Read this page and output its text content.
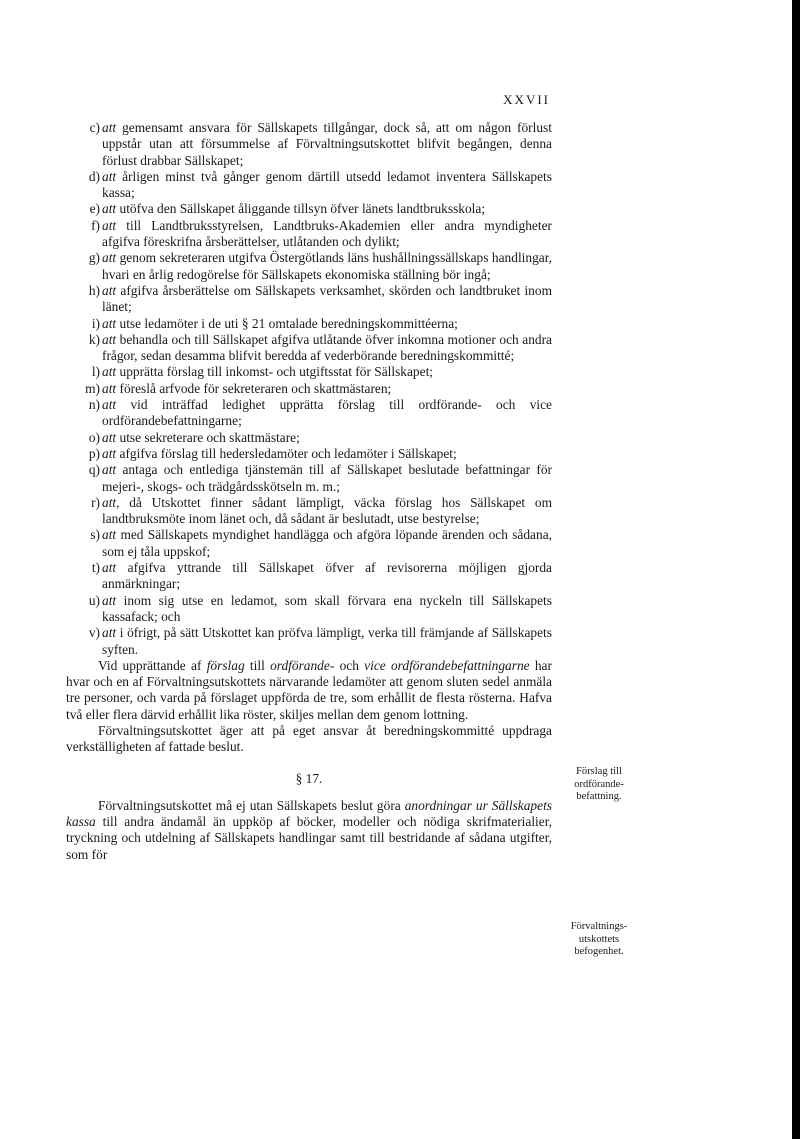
XXVII
c) att gemensamt ansvara för Sällskapets tillgångar, dock så, att om någon förlust uppstår utan att försummelse af Förvaltningsutskottet blifvit begången, denna förlust drabbar Sällskapet;
d) att årligen minst två gånger genom därtill utsedd ledamot inventera Sällskapets kassa;
e) att utöfva den Sällskapet åliggande tillsyn öfver länets landtbruksskola;
f) att till Landtbruksstyrelsen, Landtbruks-Akademien eller andra myndigheter afgifva föreskrifna årsberättelser, utlåtanden och dylikt;
g) att genom sekreteraren utgifva Östergötlands läns hushållningssällskaps handlingar, hvari en årlig redogörelse för Sällskapets ekonomiska ställning bör ingå;
h) att afgifva årsberättelse om Sällskapets verksamhet, skörden och landtbruket inom länet;
i) att utse ledamöter i de uti § 21 omtalade beredningskommittéerna;
k) att behandla och till Sällskapet afgifva utlåtande öfver inkomna motioner och andra frågor, sedan desamma blifvit beredda af vederbörande beredningskommitté;
l) att upprätta förslag till inkomst- och utgiftsstat för Sällskapet;
m) att föreslå arfvode för sekreteraren och skattmästaren;
n) att vid inträffad ledighet upprätta förslag till ordförande- och vice ordförandebefattningarne;
o) att utse sekreterare och skattmästare;
p) att afgifva förslag till hedersledamöter och ledamöter i Sällskapet;
q) att antaga och entlediga tjänstemän till af Sällskapet beslutade befattningar för mejeri-, skogs- och trädgårdsskötseln m. m.;
r) att, då Utskottet finner sådant lämpligt, väcka förslag hos Sällskapet om landtbruksmöte inom länet och, då sådant är beslutadt, utse bestyrelse;
s) att med Sällskapets myndighet handlägga och afgöra löpande ärenden och sådana, som ej tåla uppskof;
t) att afgifva yttrande till Sällskapet öfver af revisorerna möjligen gjorda anmärkningar;
u) att inom sig utse en ledamot, som skall förvara ena nyckeln till Sällskapets kassafack; och
v) att i öfrigt, på sätt Utskottet kan pröfva lämpligt, verka till främjande af Sällskapets syften.

Vid upprättande af förslag till ordförande- och vice ordförandebefattningarne har hvar och en af Förvaltningsutskottets närvarande ledamöter att genom sluten sedel anmäla tre personer, och varda på förslaget uppförda de tre, som erhållit de flesta rösterna. Hafva två eller flera därvid erhållit lika röster, skiljes mellan dem genom lottning.

Förvaltningsutskottet äger att på eget ansvar åt beredningskommitté uppdraga verkställigheten af fattade beslut.

§ 17.

Förvaltningsutskottet må ej utan Sällskapets beslut göra anordningar ur Sällskapets kassa till andra ändamål än uppköp af böcker, modeller och nödiga skrifmaterialier, tryckning och utdelning af Sällskapets handlingar samt till bestridande af sådana utgifter, som för

Förslag till
ordförande-
befattning.
Förvaltnings-
utskottets
befogenhet.
